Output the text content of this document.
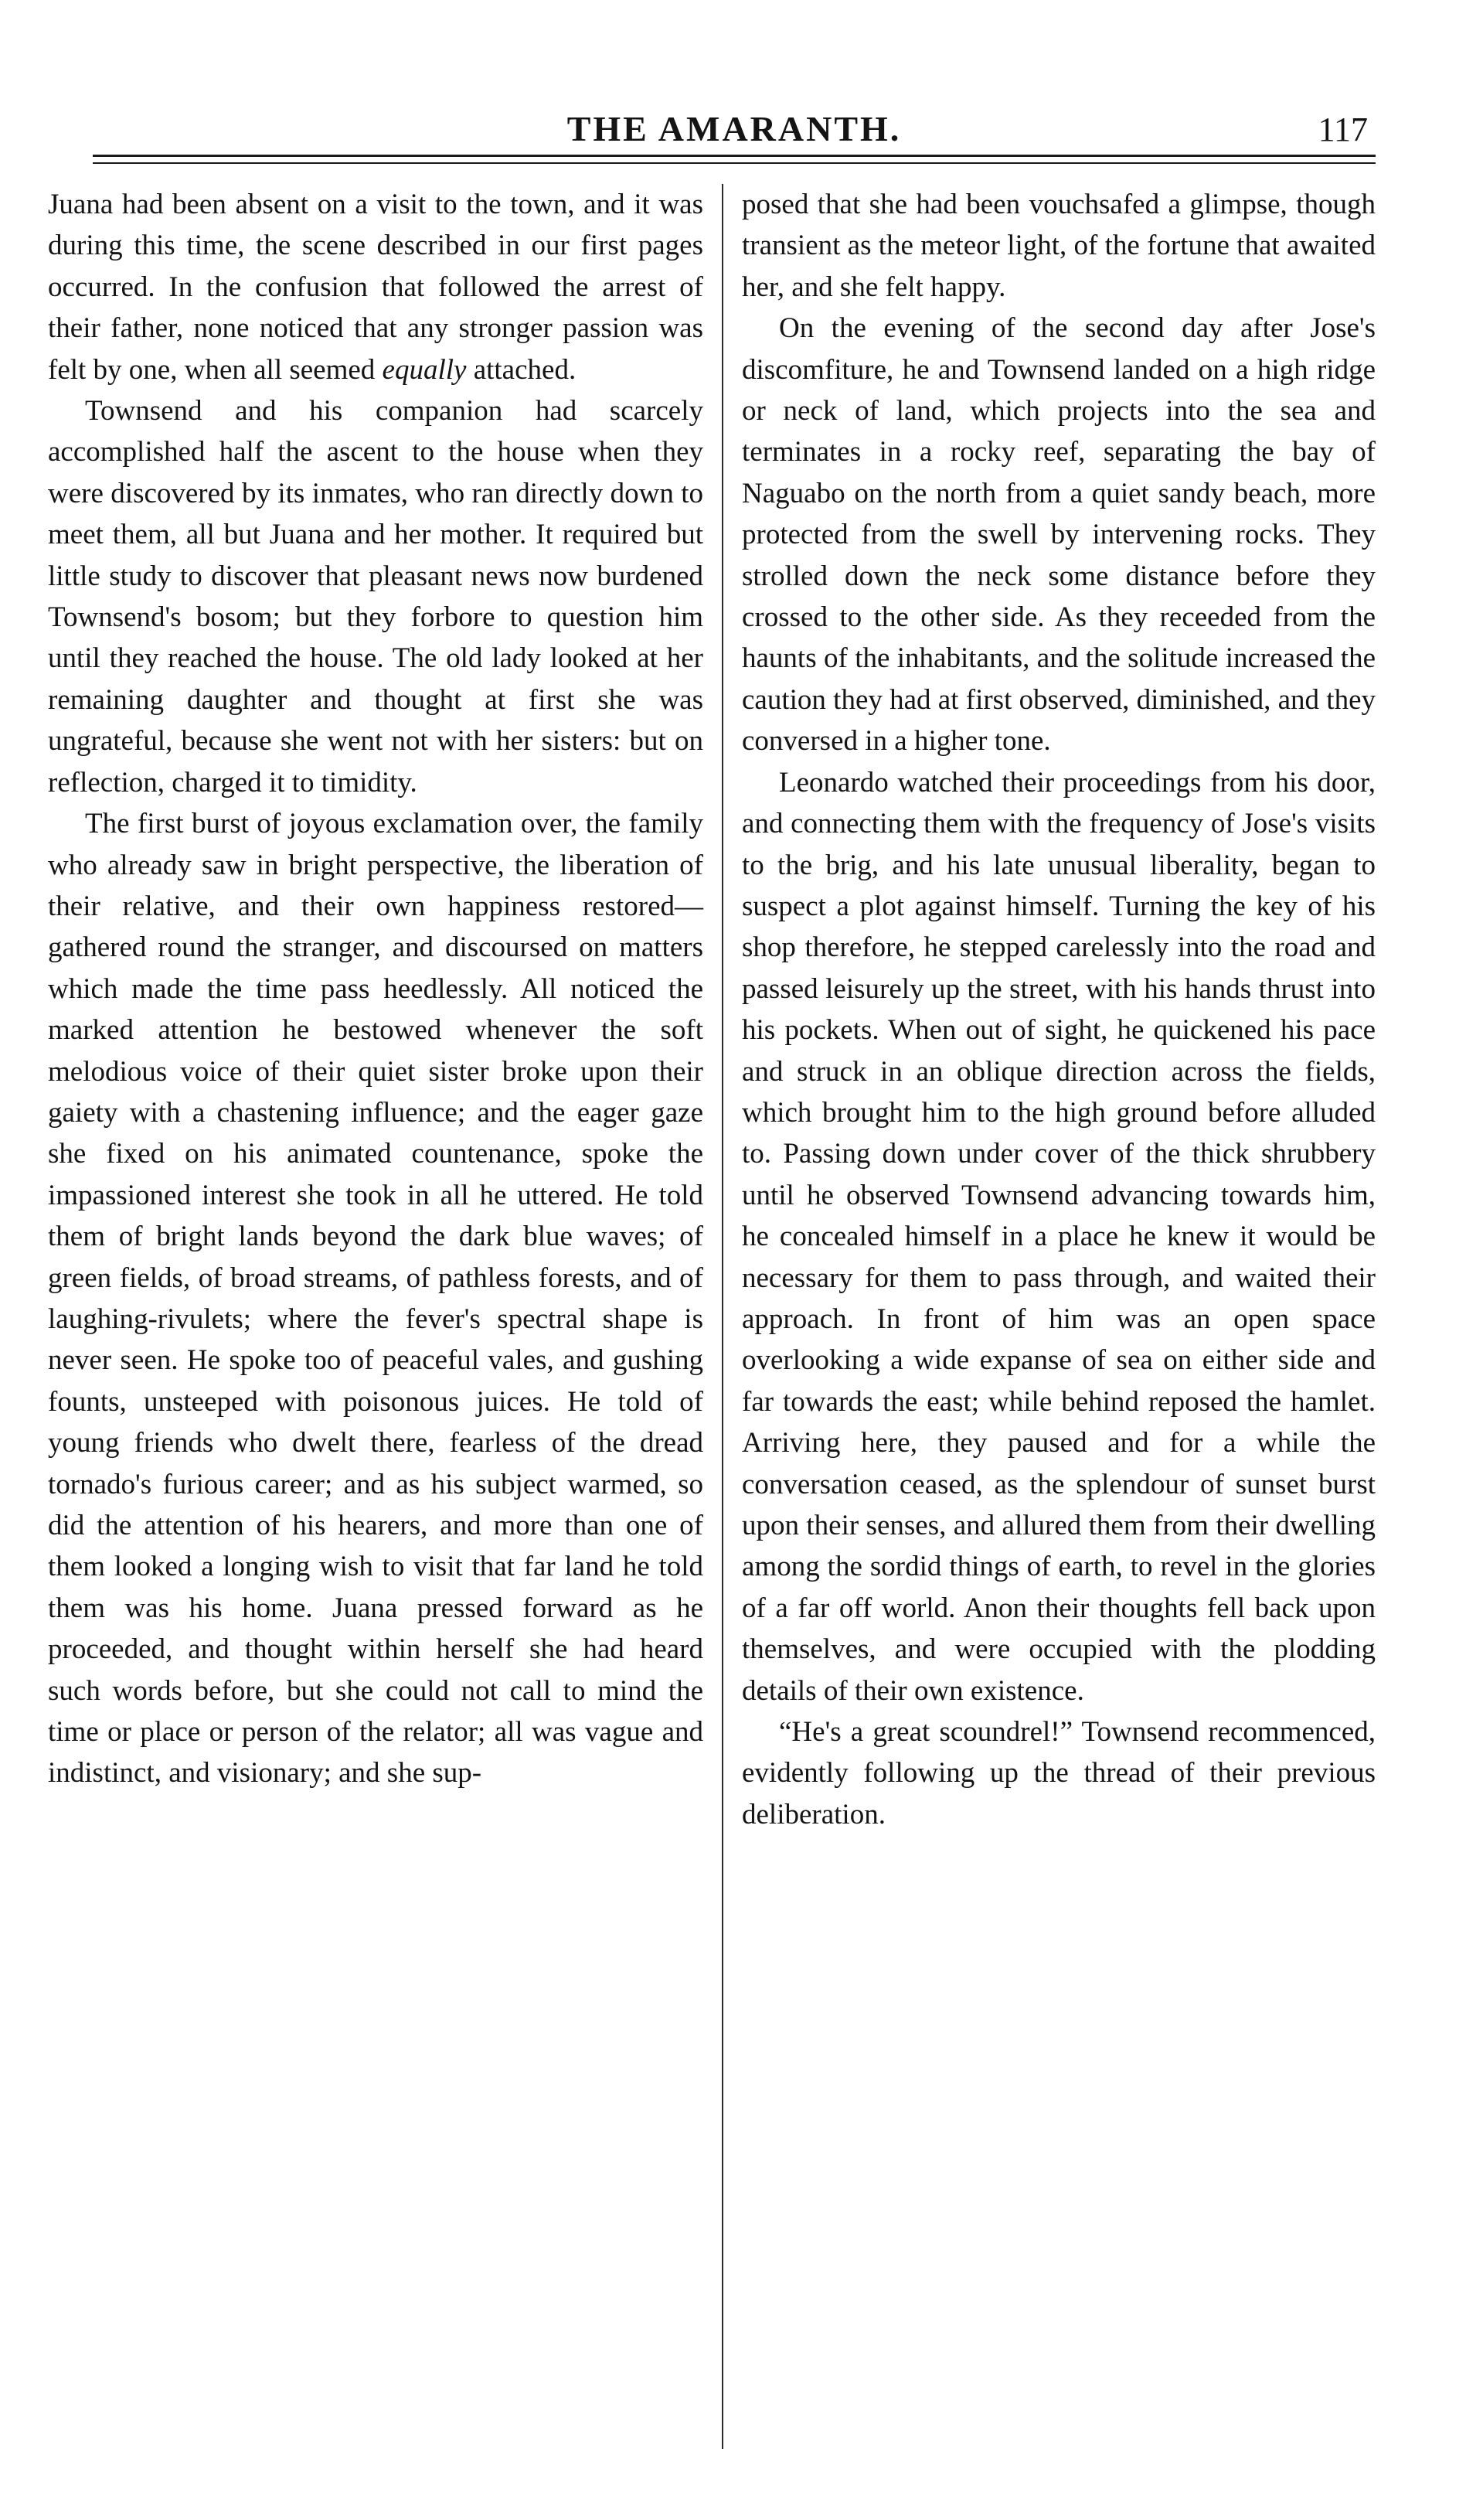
THE AMARANTH.	117

Juana had been absent on a visit to the town, and it was during this time, the scene described in our first pages occurred. In the confusion that followed the arrest of their father, none noticed that any stronger passion was felt by one, when all seemed equally attached.

Townsend and his companion had scarcely accomplished half the ascent to the house when they were discovered by its inmates, who ran directly down to meet them, all but Juana and her mother. It required but little study to discover that pleasant news now burdened Townsend's bosom; but they forbore to question him until they reached the house. The old lady looked at her remaining daughter and thought at first she was ungrateful, because she went not with her sisters: but on reflection, charged it to timidity.

The first burst of joyous exclamation over, the family who already saw in bright perspective, the liberation of their relative, and their own happiness restored—gathered round the stranger, and discoursed on matters which made the time pass heedlessly. All noticed the marked attention he bestowed whenever the soft melodious voice of their quiet sister broke upon their gaiety with a chastening influence; and the eager gaze she fixed on his animated countenance, spoke the impassioned interest she took in all he uttered. He told them of bright lands beyond the dark blue waves; of green fields, of broad streams, of pathless forests, and of laughing-rivulets; where the fever's spectral shape is never seen. He spoke too of peaceful vales, and gushing founts, unsteeped with poisonous juices. He told of young friends who dwelt there, fearless of the dread tornado's furious career; and as his subject warmed, so did the attention of his hearers, and more than one of them looked a longing wish to visit that far land he told them was his home. Juana pressed forward as he proceeded, and thought within herself she had heard such words before, but she could not call to mind the time or place or person of the relator; all was vague and indistinct, and visionary; and she sup-

posed that she had been vouchsafed a glimpse, though transient as the meteor light, of the fortune that awaited her, and she felt happy.

On the evening of the second day after Jose's discomfiture, he and Townsend landed on a high ridge or neck of land, which projects into the sea and terminates in a rocky reef, separating the bay of Naguabo on the north from a quiet sandy beach, more protected from the swell by intervening rocks. They strolled down the neck some distance before they crossed to the other side. As they receeded from the haunts of the inhabitants, and the solitude increased the caution they had at first observed, diminished, and they conversed in a higher tone.

Leonardo watched their proceedings from his door, and connecting them with the frequency of Jose's visits to the brig, and his late unusual liberality, began to suspect a plot against himself. Turning the key of his shop therefore, he stepped carelessly into the road and passed leisurely up the street, with his hands thrust into his pockets. When out of sight, he quickened his pace and struck in an oblique direction across the fields, which brought him to the high ground before alluded to. Passing down under cover of the thick shrubbery until he observed Townsend advancing towards him, he concealed himself in a place he knew it would be necessary for them to pass through, and waited their approach. In front of him was an open space overlooking a wide expanse of sea on either side and far towards the east; while behind reposed the hamlet. Arriving here, they paused and for a while the conversation ceased, as the splendour of sunset burst upon their senses, and allured them from their dwelling among the sordid things of earth, to revel in the glories of a far off world. Anon their thoughts fell back upon themselves, and were occupied with the plodding details of their own existence.

“He's a great scoundrel!” Townsend recommenced, evidently following up the thread of their previous deliberation.
